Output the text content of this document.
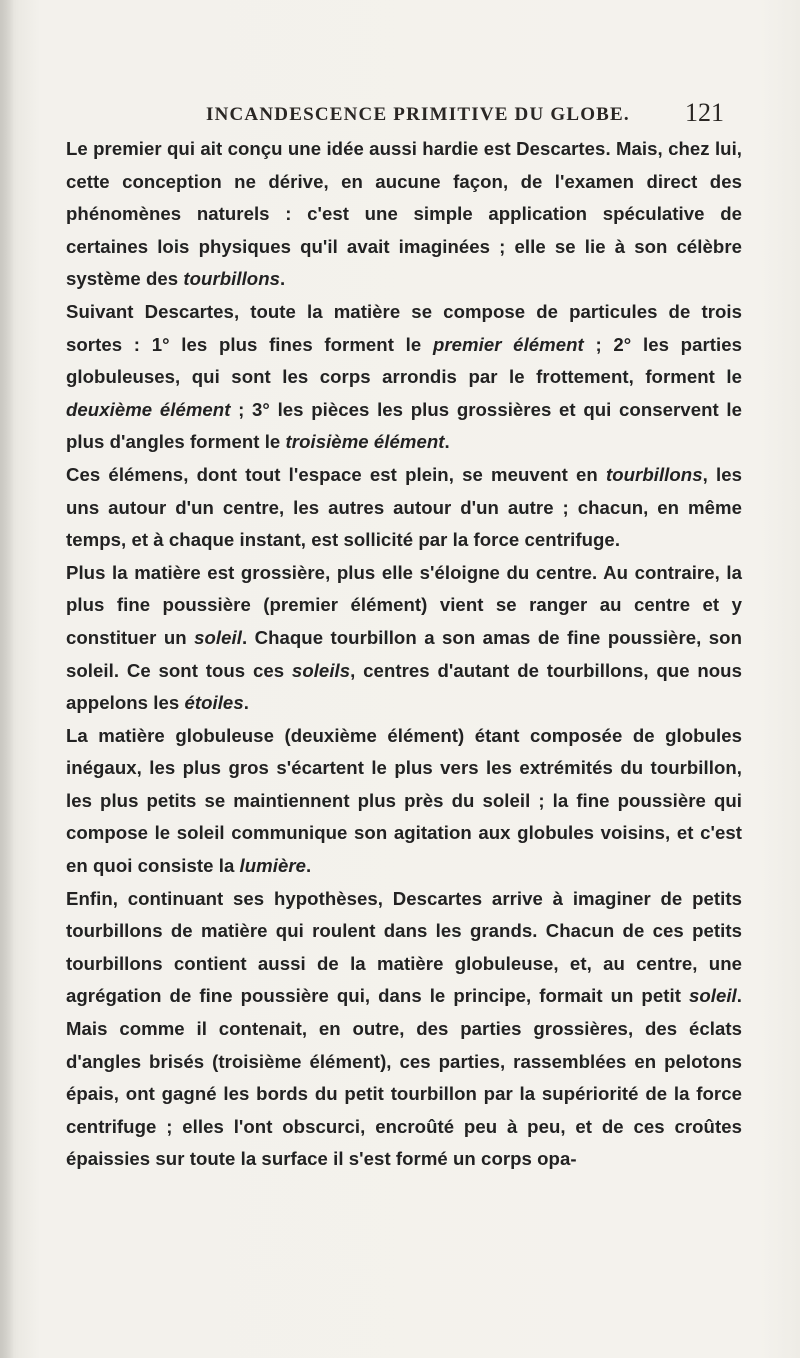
INCANDESCENCE PRIMITIVE DU GLOBE. 121

Le premier qui ait conçu une idée aussi hardie est Descartes. Mais, chez lui, cette conception ne dérive, en aucune façon, de l'examen direct des phénomènes naturels : c'est une simple application spéculative de certaines lois physiques qu'il avait imaginées ; elle se lie à son célèbre système des tourbillons.

Suivant Descartes, toute la matière se compose de particules de trois sortes : 1° les plus fines forment le premier élément ; 2° les parties globuleuses, qui sont les corps arrondis par le frottement, forment le deuxième élément ; 3° les pièces les plus grossières et qui conservent le plus d'angles forment le troisième élément.

Ces élémens, dont tout l'espace est plein, se meuvent en tourbillons, les uns autour d'un centre, les autres autour d'un autre ; chacun, en même temps, et à chaque instant, est sollicité par la force centrifuge.

Plus la matière est grossière, plus elle s'éloigne du centre. Au contraire, la plus fine poussière (premier élément) vient se ranger au centre et y constituer un soleil. Chaque tourbillon a son amas de fine poussière, son soleil. Ce sont tous ces soleils, centres d'autant de tourbillons, que nous appelons les étoiles.

La matière globuleuse (deuxième élément) étant composée de globules inégaux, les plus gros s'écartent le plus vers les extrémités du tourbillon, les plus petits se maintiennent plus près du soleil ; la fine poussière qui compose le soleil communique son agitation aux globules voisins, et c'est en quoi consiste la lumière.

Enfin, continuant ses hypothèses, Descartes arrive à imaginer de petits tourbillons de matière qui roulent dans les grands. Chacun de ces petits tourbillons contient aussi de la matière globuleuse, et, au centre, une agrégation de fine poussière qui, dans le principe, formait un petit soleil. Mais comme il contenait, en outre, des parties grossières, des éclats d'angles brisés (troisième élément), ces parties, rassemblées en pelotons épais, ont gagné les bords du petit tourbillon par la supériorité de la force centrifuge ; elles l'ont obscurci, encroûté peu à peu, et de ces croûtes épaissies sur toute la surface il s'est formé un corps opa-
